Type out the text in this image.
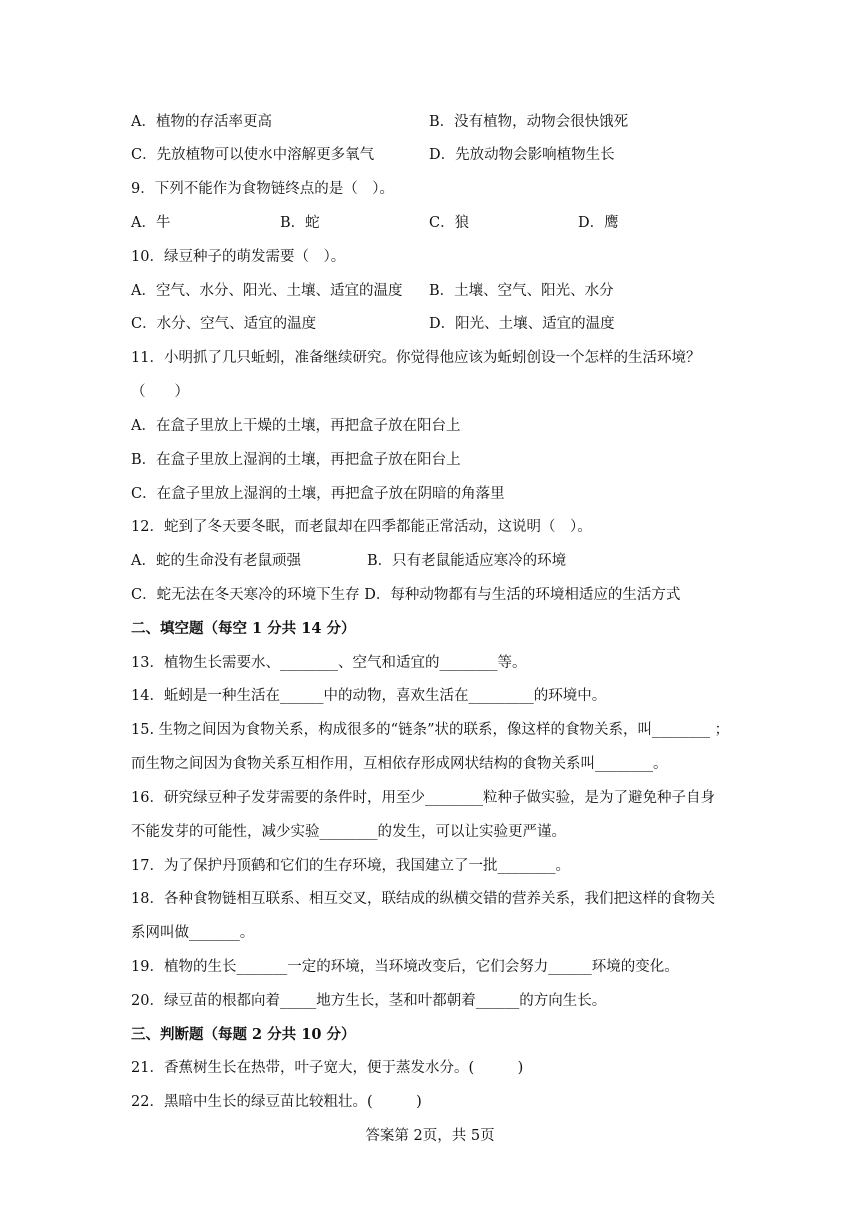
A．植物的存活率更高	B．没有植物，动物会很快饿死
C．先放植物可以使水中溶解更多氧气	D．先放动物会影响植物生长
9．下列不能作为食物链终点的是（　）。
A．牛	B．蛇	C．狼	D．鹰
10．绿豆种子的萌发需要（　）。
A．空气、水分、阳光、土壤、适宜的温度	B．土壤、空气、阳光、水分
C．水分、空气、适宜的温度	D．阳光、土壤、适宜的温度
11．小明抓了几只蚯蚓，准备继续研究。你觉得他应该为蚯蚓创设一个怎样的生活环境？
（　　）
A．在盒子里放上干燥的土壤，再把盒子放在阳台上
B．在盒子里放上湿润的土壤，再把盒子放在阳台上
C．在盒子里放上湿润的土壤，再把盒子放在阴暗的角落里
12．蛇到了冬天要冬眠，而老鼠却在四季都能正常活动，这说明（　）。
A．蛇的生命没有老鼠顽强	B．只有老鼠能适应寒冷的环境
C．蛇无法在冬天寒冷的环境下生存 D．每种动物都有与生活的环境相适应的生活方式
二、填空题（每空 1 分共 14 分）
13．植物生长需要水、________、空气和适宜的________等。
14．蚯蚓是一种生活在______中的动物，喜欢生活在_________的环境中。
15. 生物之间因为食物关系，构成很多的“链条”状的联系，像这样的食物关系，叫________ ；
而生物之间因为食物关系互相作用，互相依存形成网状结构的食物关系叫________。
16．研究绿豆种子发芽需要的条件时，用至少________粒种子做实验，是为了避免种子自身
不能发芽的可能性，减少实验________的发生，可以让实验更严谨。
17．为了保护丹顶鹤和它们的生存环境，我国建立了一批________。
18．各种食物链相互联系、相互交叉，联结成的纵横交错的营养关系，我们把这样的食物关
系网叫做_______。
19．植物的生长_______一定的环境，当环境改变后，它们会努力______环境的变化。
20．绿豆苗的根都向着_____地方生长，茎和叶都朝着______的方向生长。
三、判断题（每题 2 分共 10 分）
21．香蕉树生长在热带，叶子宽大，便于蒸发水分。(　　　)
22．黑暗中生长的绿豆苗比较粗壮。(　　　)
答案第 2页，共 5页
